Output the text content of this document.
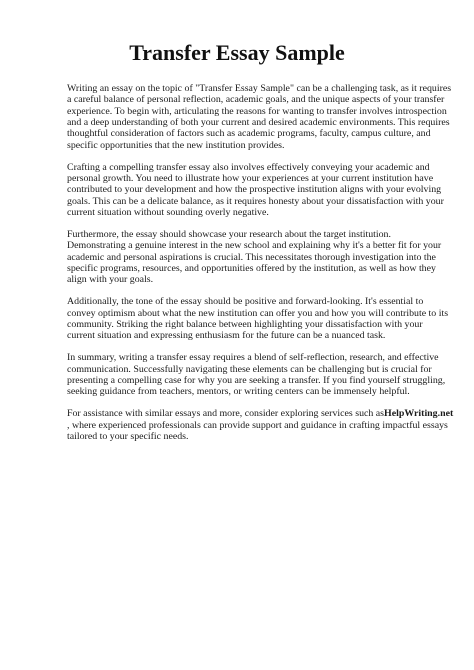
Transfer Essay Sample

Writing an essay on the topic of "Transfer Essay Sample" can be a challenging task, as it requires
a careful balance of personal reflection, academic goals, and the unique aspects of your transfer
experience. To begin with, articulating the reasons for wanting to transfer involves introspection
and a deep understanding of both your current and desired academic environments. This requires
thoughtful consideration of factors such as academic programs, faculty, campus culture, and
specific opportunities that the new institution provides.

Crafting a compelling transfer essay also involves effectively conveying your academic and
personal growth. You need to illustrate how your experiences at your current institution have
contributed to your development and how the prospective institution aligns with your evolving
goals. This can be a delicate balance, as it requires honesty about your dissatisfaction with your
current situation without sounding overly negative.

Furthermore, the essay should showcase your research about the target institution.
Demonstrating a genuine interest in the new school and explaining why it's a better fit for your
academic and personal aspirations is crucial. This necessitates thorough investigation into the
specific programs, resources, and opportunities offered by the institution, as well as how they
align with your goals.

Additionally, the tone of the essay should be positive and forward-looking. It's essential to
convey optimism about what the new institution can offer you and how you will contribute to its
community. Striking the right balance between highlighting your dissatisfaction with your
current situation and expressing enthusiasm for the future can be a nuanced task.

In summary, writing a transfer essay requires a blend of self-reflection, research, and effective
communication. Successfully navigating these elements can be challenging but is crucial for
presenting a compelling case for why you are seeking a transfer. If you find yourself struggling,
seeking guidance from teachers, mentors, or writing centers can be immensely helpful.

For assistance with similar essays and more, consider exploring services such asHelpWriting.net
, where experienced professionals can provide support and guidance in crafting impactful essays
tailored to your specific needs.
